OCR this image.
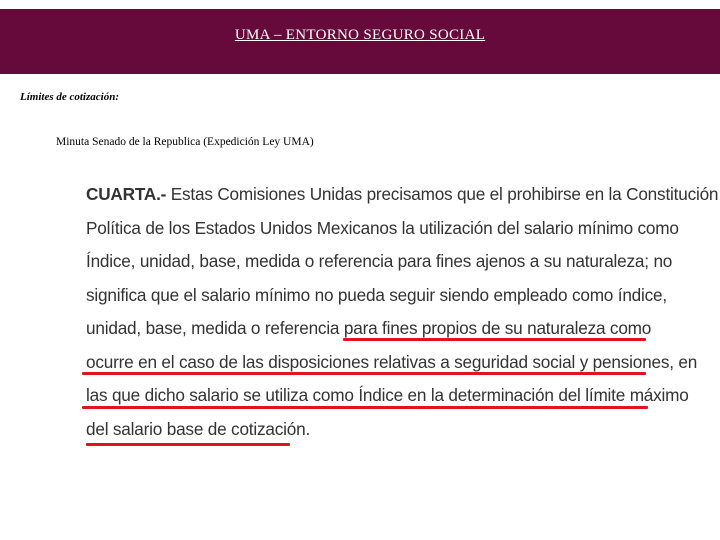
UMA – ENTORNO SEGURO SOCIAL
Límites de cotización:
Minuta Senado de la Republica (Expedición Ley UMA)
CUARTA.- Estas Comisiones Unidas precisamos que el prohibirse en la Constitución
Política de los Estados Unidos Mexicanos la utilización del salario mínimo como
Índice, unidad, base, medida o referencia para fines ajenos a su naturaleza; no
significa que el salario mínimo no pueda seguir siendo empleado como índice,
unidad, base, medida o referencia para fines propios de su naturaleza como
ocurre en el caso de las disposiciones relativas a seguridad social y pensiones, en
las que dicho salario se utiliza como Índice en la determinación del límite máximo
del salario base de cotización.
